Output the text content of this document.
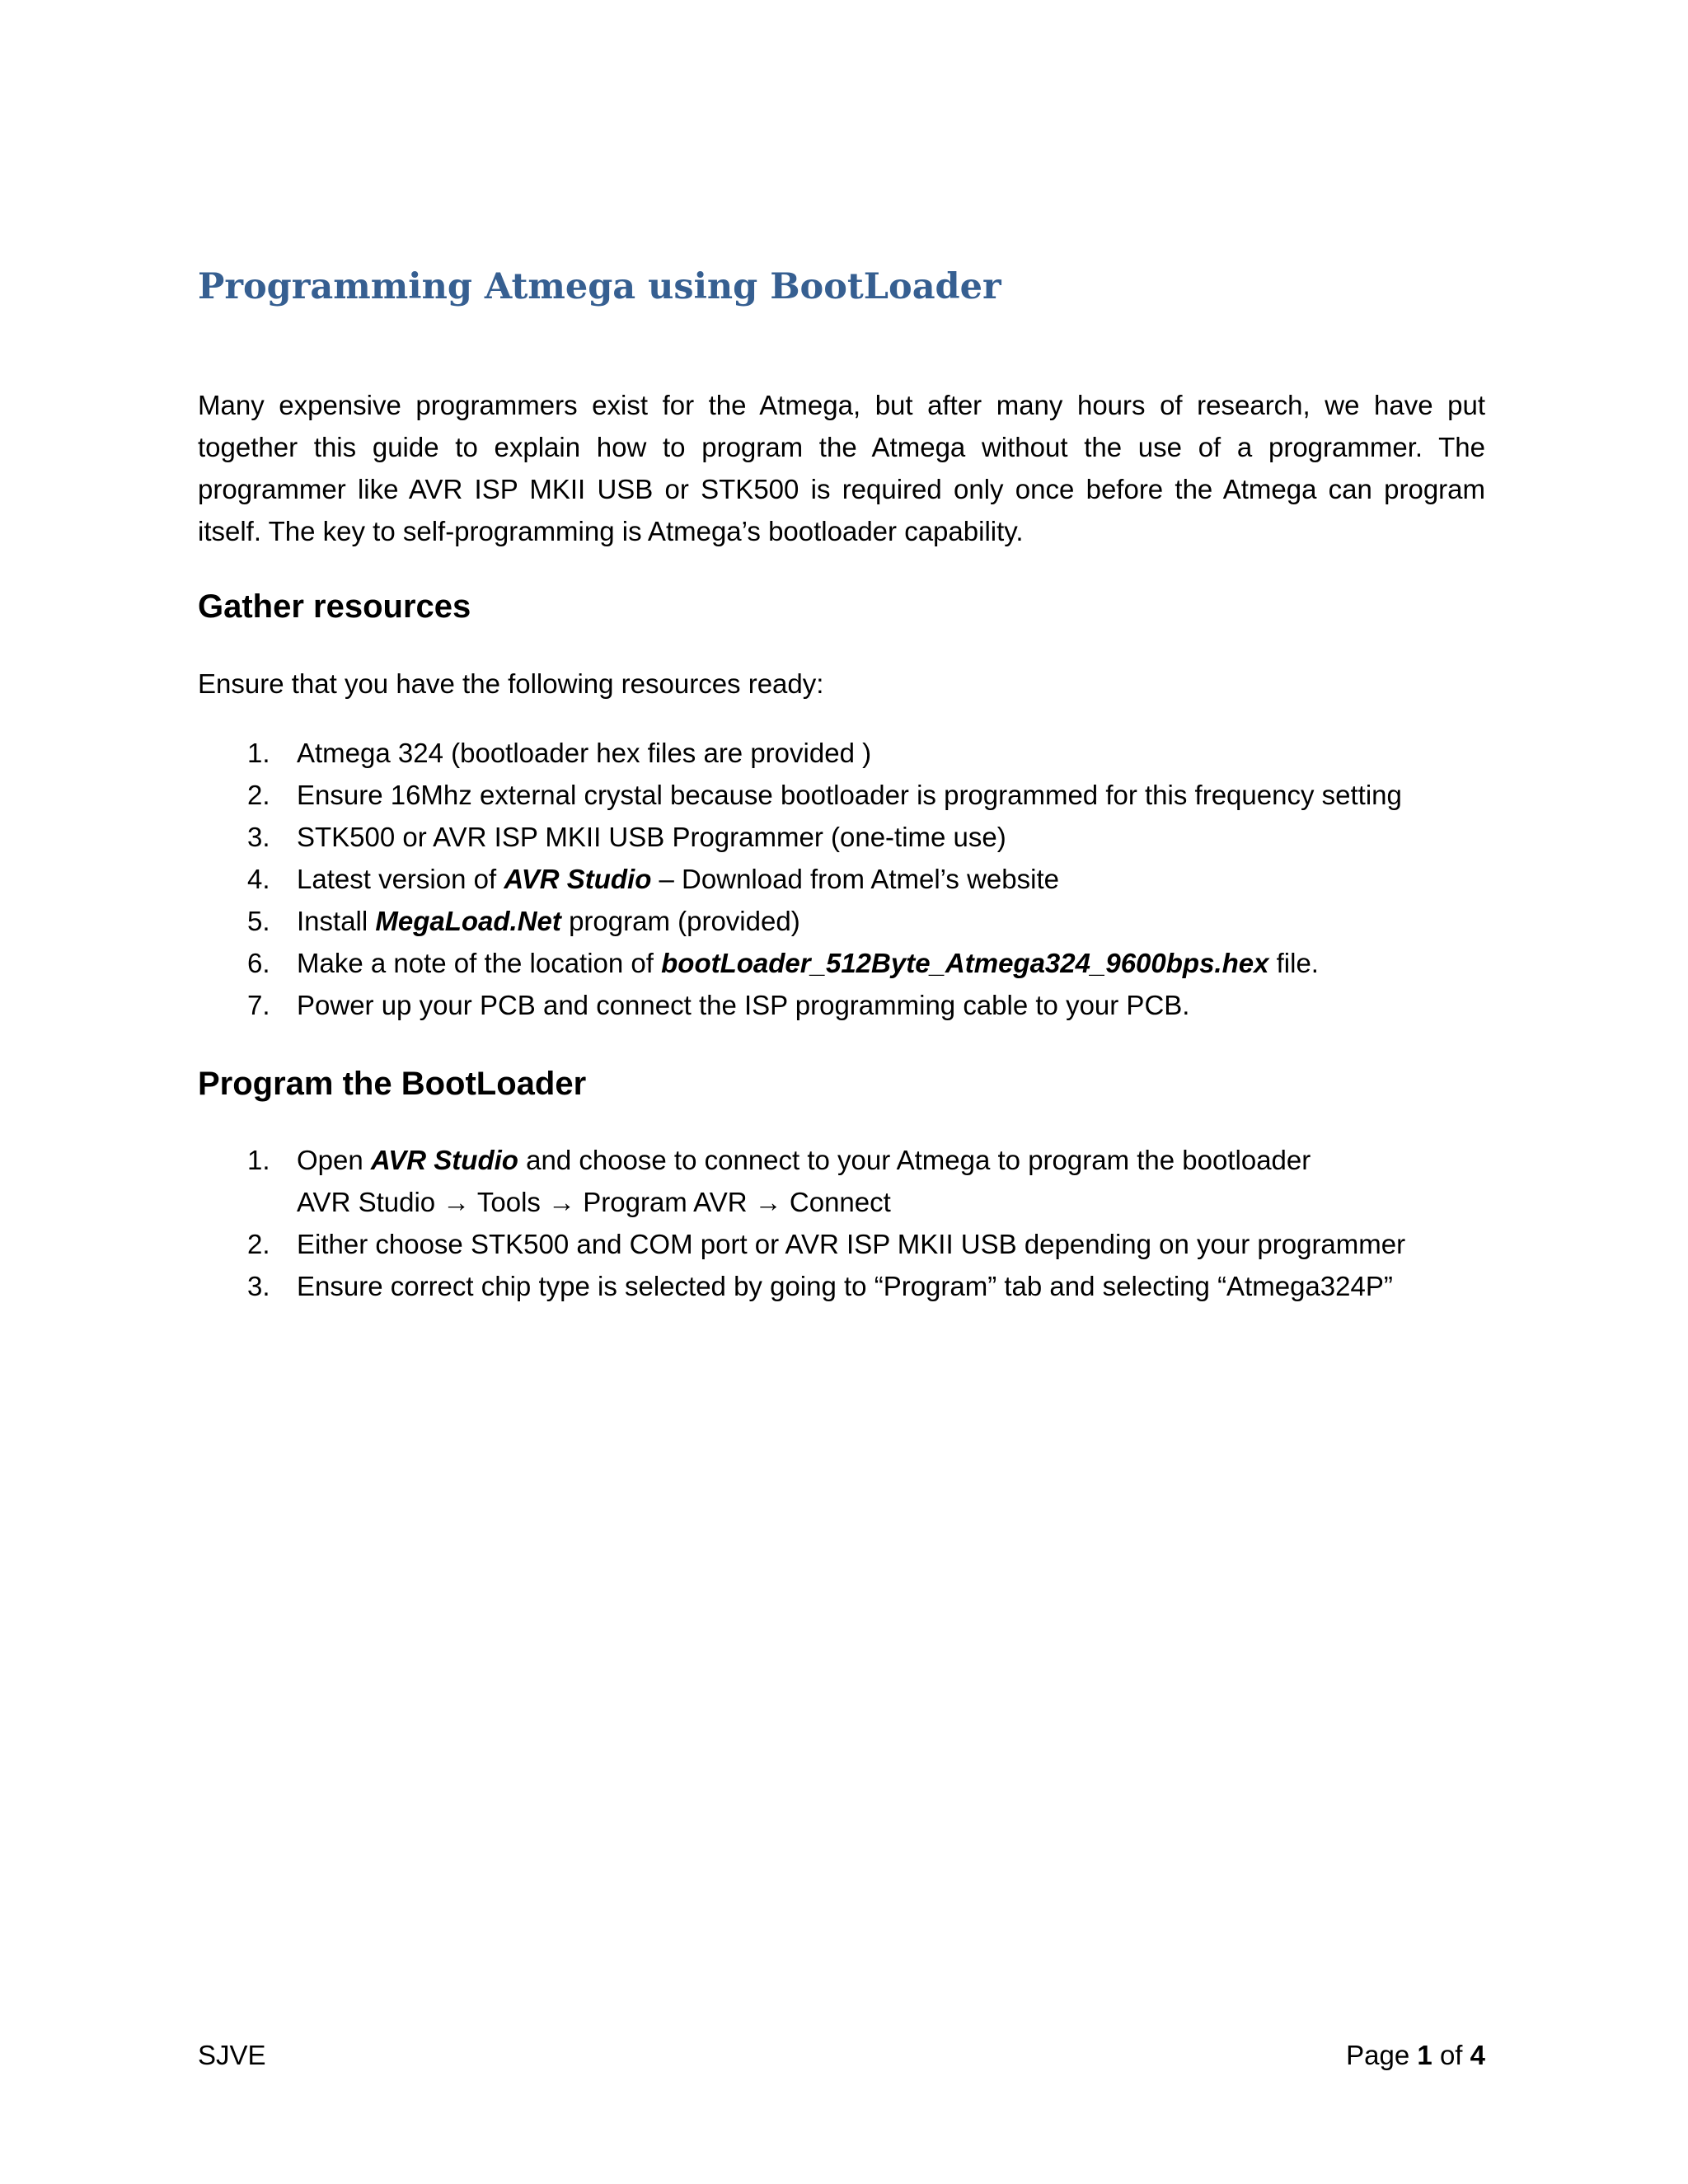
Programming Atmega using BootLoader

Many expensive programmers exist for the Atmega, but after many hours of research, we have put together this guide to explain how to program the Atmega without the use of a programmer. The programmer like AVR ISP MKII USB or STK500 is required only once before the Atmega can program itself. The key to self-programming is Atmega’s bootloader capability.

Gather resources

Ensure that you have the following resources ready:

1. Atmega 324 (bootloader hex files are provided )
2. Ensure 16Mhz external crystal because bootloader is programmed for this frequency setting
3. STK500 or AVR ISP MKII USB Programmer (one-time use)
4. Latest version of AVR Studio – Download from Atmel’s website
5. Install MegaLoad.Net program (provided)
6. Make a note of the location of bootLoader_512Byte_Atmega324_9600bps.hex file.
7. Power up your PCB and connect the ISP programming cable to your PCB.
Program the BootLoader
1. Open AVR Studio and choose to connect to your Atmega to program the bootloader
AVR Studio → Tools → Program AVR → Connect
2. Either choose STK500 and COM port or AVR ISP MKII USB depending on your programmer
3. Ensure correct chip type is selected by going to “Program” tab and selecting “Atmega324P”
SJVE	Page 1 of 4
